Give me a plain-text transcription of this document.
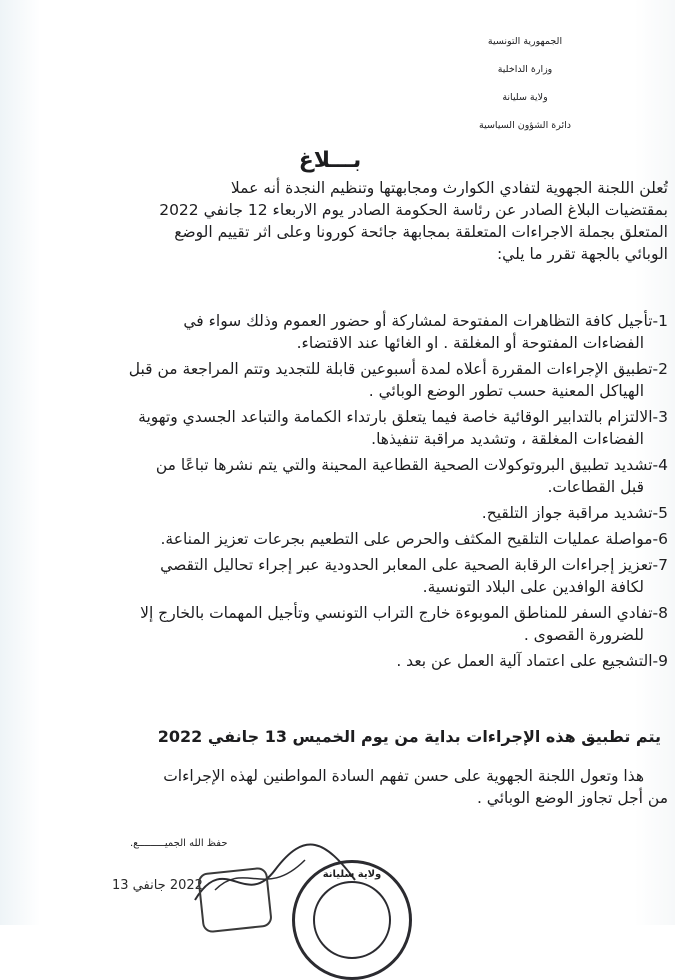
الجمهورية التونسية
وزارة الداخلية
ولاية سليانة
دائرة الشؤون السياسية
بـــلاغ
تُعلن اللجنة الجهوية لتفادي الكوارث ومجابهتها وتنظيم النجدة أنه عملا
بمقتضيات البلاغ الصادر عن رئاسة الحكومة الصادر يوم الاربعاء 12 جانفي 2022
المتعلق بجملة الاجراءات المتعلقة بمجابهة جائحة كورونا وعلى اثر تقييم الوضع
الوبائي بالجهة تقرر ما يلي:
1-تأجيل كافة التظاهرات المفتوحة لمشاركة أو حضور العموم وذلك سواء في
الفضاءات المفتوحة أو المغلقة . او الغائها عند الاقتضاء.
2-تطبيق الإجراءات المقررة أعلاه لمدة أسبوعين قابلة للتجديد وتتم المراجعة من قبل
الهياكل المعنية حسب تطور الوضع الوبائي .
3-الالتزام بالتدابير الوقائية خاصة فيما يتعلق بارتداء الكمامة والتباعد الجسدي وتهوية
الفضاءات المغلقة ، وتشديد مراقبة تنفيذها.
4-تشديد تطبيق البروتوكولات الصحية القطاعية المحينة والتي يتم نشرها تباعًا من
قبل القطاعات.
5-تشديد مراقبة جواز التلقيح.
6-مواصلة عمليات التلقيح المكثف والحرص على التطعيم بجرعات تعزيز المناعة.
7-تعزيز إجراءات الرقابة الصحية على المعابر الحدودية عبر إجراء تحاليل التقصي
لكافة الوافدين على البلاد التونسية.
8-تفادي السفر للمناطق الموبوءة خارج التراب التونسي وتأجيل المهمات بالخارج إلا
للضرورة القصوى .
9-التشجيع على اعتماد آلية العمل عن بعد .
يتم تطبيق هذه الإجراءات بداية من يوم الخميس 13 جانفي 2022
هذا وتعول اللجنة الجهوية على حسن تفهم السادة المواطنين لهذه الإجراءات
من أجل تجاوز الوضع الوبائي .
حفظ الله الجميـــــــــع.
2022 جانفي 13
ولاية سليانة
